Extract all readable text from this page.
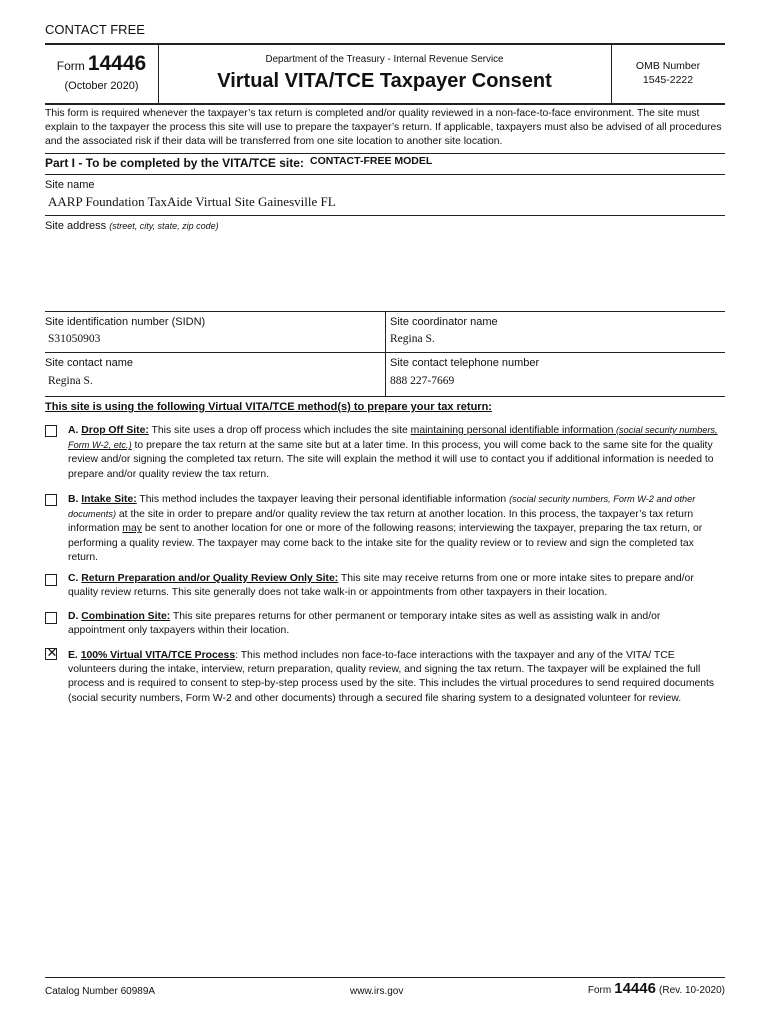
CONTACT FREE
Form 14446
(October 2020)
Department of the Treasury - Internal Revenue Service
Virtual VITA/TCE Taxpayer Consent
OMB Number
1545-2222
This form is required whenever the taxpayer’s tax return is completed and/or quality reviewed in a non-face-to-face environment. The site must explain to the taxpayer the process this site will use to prepare the taxpayer’s return. If applicable, taxpayers must also be advised of all procedures and the associated risk if their data will be transferred from one site location to another site location.
Part I - To be completed by the VITA/TCE site: CONTACT-FREE MODEL
Site name
AARP Foundation TaxAide Virtual Site Gainesville FL
Site address (street, city, state, zip code)
Site identification number (SIDN)
S31050903
Site coordinator name
Regina S.
Site contact name
Regina S.
Site contact telephone number
888 227-7669
This site is using the following Virtual VITA/TCE method(s) to prepare your tax return:
A. Drop Off Site: This site uses a drop off process which includes the site maintaining personal identifiable information (social security numbers, Form W-2, etc.) to prepare the tax return at the same site but at a later time. In this process, you will come back to the same site for the quality review and/or signing the completed tax return. The site will explain the method it will use to contact you if additional information is needed to prepare and/or quality review the tax return.
B. Intake Site: This method includes the taxpayer leaving their personal identifiable information (social security numbers, Form W-2 and other documents) at the site in order to prepare and/or quality review the tax return at another location. In this process, the taxpayer’s tax return information may be sent to another location for one or more of the following reasons; interviewing the taxpayer, preparing the tax return, or performing a quality review. The taxpayer may come back to the intake site for the quality review or to review and sign the completed tax return.
C. Return Preparation and/or Quality Review Only Site: This site may receive returns from one or more intake sites to prepare and/or quality review returns. This site generally does not take walk-in or appointments from other taxpayers in their location.
D. Combination Site: This site prepares returns for other permanent or temporary intake sites as well as assisting walk in and/or appointment only taxpayers within their location.
✕ E. 100% Virtual VITA/TCE Process: This method includes non face-to-face interactions with the taxpayer and any of the VITA/ TCE volunteers during the intake, interview, return preparation, quality review, and signing the tax return. The taxpayer will be explained the full process and is required to consent to step-by-step process used by the site. This includes the virtual procedures to send required documents (social security numbers, Form W-2 and other documents) through a secured file sharing system to a designated volunteer for review.
Catalog Number 60989A	www.irs.gov	Form 14446 (Rev. 10-2020)
